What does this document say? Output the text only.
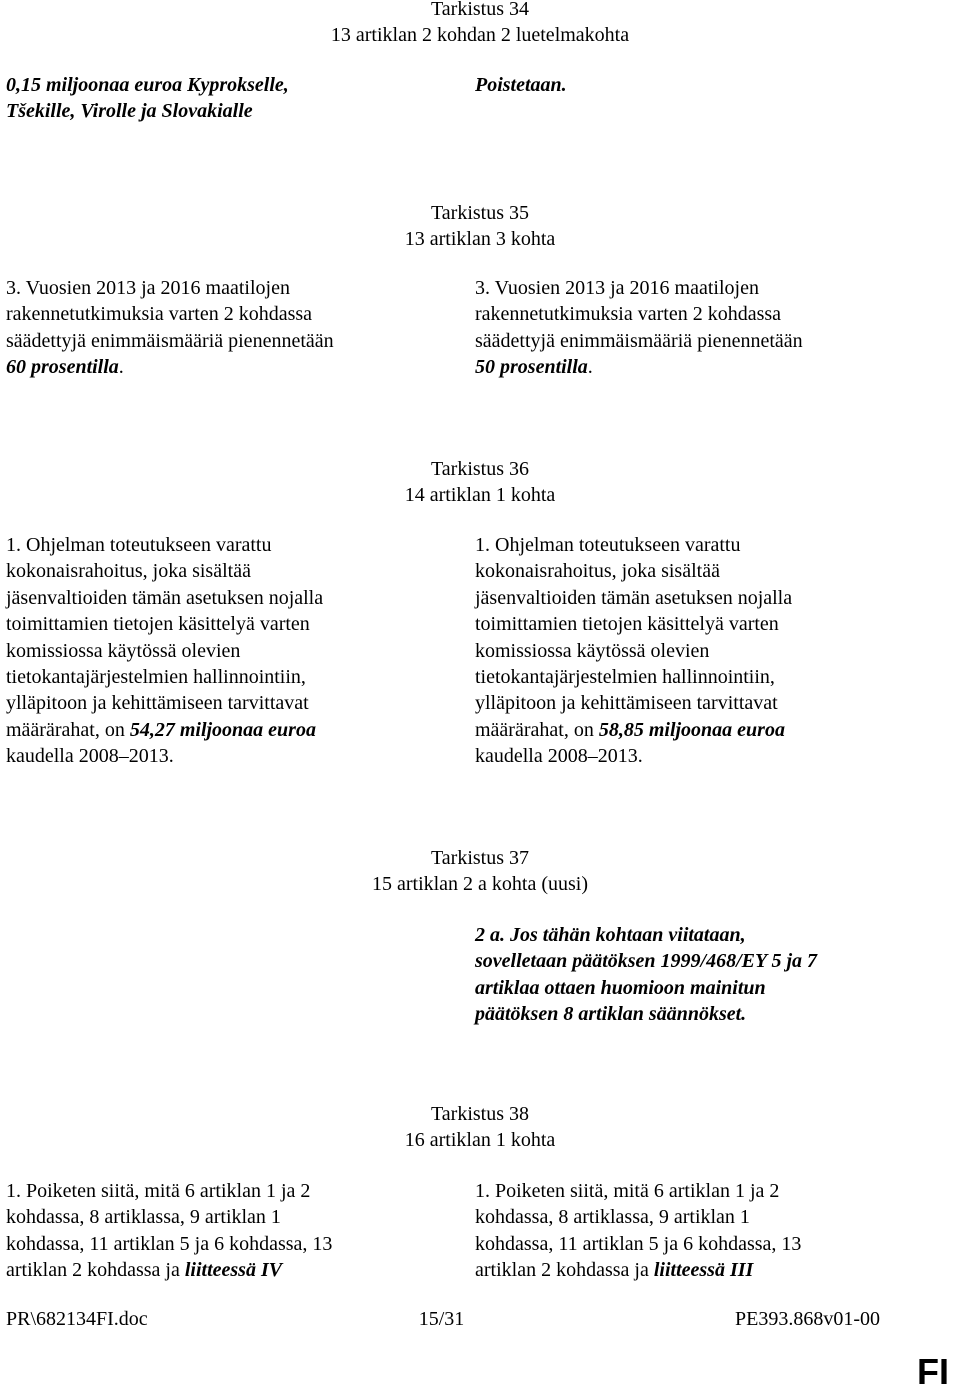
Tarkistus 34
13 artiklan 2 kohdan 2 luetelmakohta
0,15 miljoonaa euroa Kyprokselle,
Tšekille, Virolle ja Slovakialle
Poistetaan.
Tarkistus 35
13 artiklan 3 kohta
3. Vuosien 2013 ja 2016 maatilojen
rakennetutkimuksia varten 2 kohdassa
säädettyjä enimmäismääriä pienennetään
60 prosentilla.
3. Vuosien 2013 ja 2016 maatilojen
rakennetutkimuksia varten 2 kohdassa
säädettyjä enimmäismääriä pienennetään
50 prosentilla.
Tarkistus 36
14 artiklan 1 kohta
1. Ohjelman toteutukseen varattu
kokonaisrahoitus, joka sisältää
jäsenvaltioiden tämän asetuksen nojalla
toimittamien tietojen käsittelyä varten
komissiossa käytössä olevien
tietokantajärjestelmien hallinnointiin,
ylläpitoon ja kehittämiseen tarvittavat
määrärahat, on 54,27 miljoonaa euroa
kaudella 2008–2013.
1. Ohjelman toteutukseen varattu
kokonaisrahoitus, joka sisältää
jäsenvaltioiden tämän asetuksen nojalla
toimittamien tietojen käsittelyä varten
komissiossa käytössä olevien
tietokantajärjestelmien hallinnointiin,
ylläpitoon ja kehittämiseen tarvittavat
määrärahat, on 58,85 miljoonaa euroa
kaudella 2008–2013.
Tarkistus 37
15 artiklan 2 a kohta (uusi)
2 a. Jos tähän kohtaan viitataan,
sovelletaan päätöksen 1999/468/EY 5 ja 7
artiklaa ottaen huomioon mainitun
päätöksen 8 artiklan säännökset.
Tarkistus 38
16 artiklan 1 kohta
1. Poiketen siitä, mitä 6 artiklan 1 ja 2
kohdassa, 8 artiklassa, 9 artiklan 1
kohdassa, 11 artiklan 5 ja 6 kohdassa, 13
artiklan 2 kohdassa ja liitteessä IV
1. Poiketen siitä, mitä 6 artiklan 1 ja 2
kohdassa, 8 artiklassa, 9 artiklan 1
kohdassa, 11 artiklan 5 ja 6 kohdassa, 13
artiklan 2 kohdassa ja liitteessä III
PR\682134FI.doc	15/31	PE393.868v01-00
FI
